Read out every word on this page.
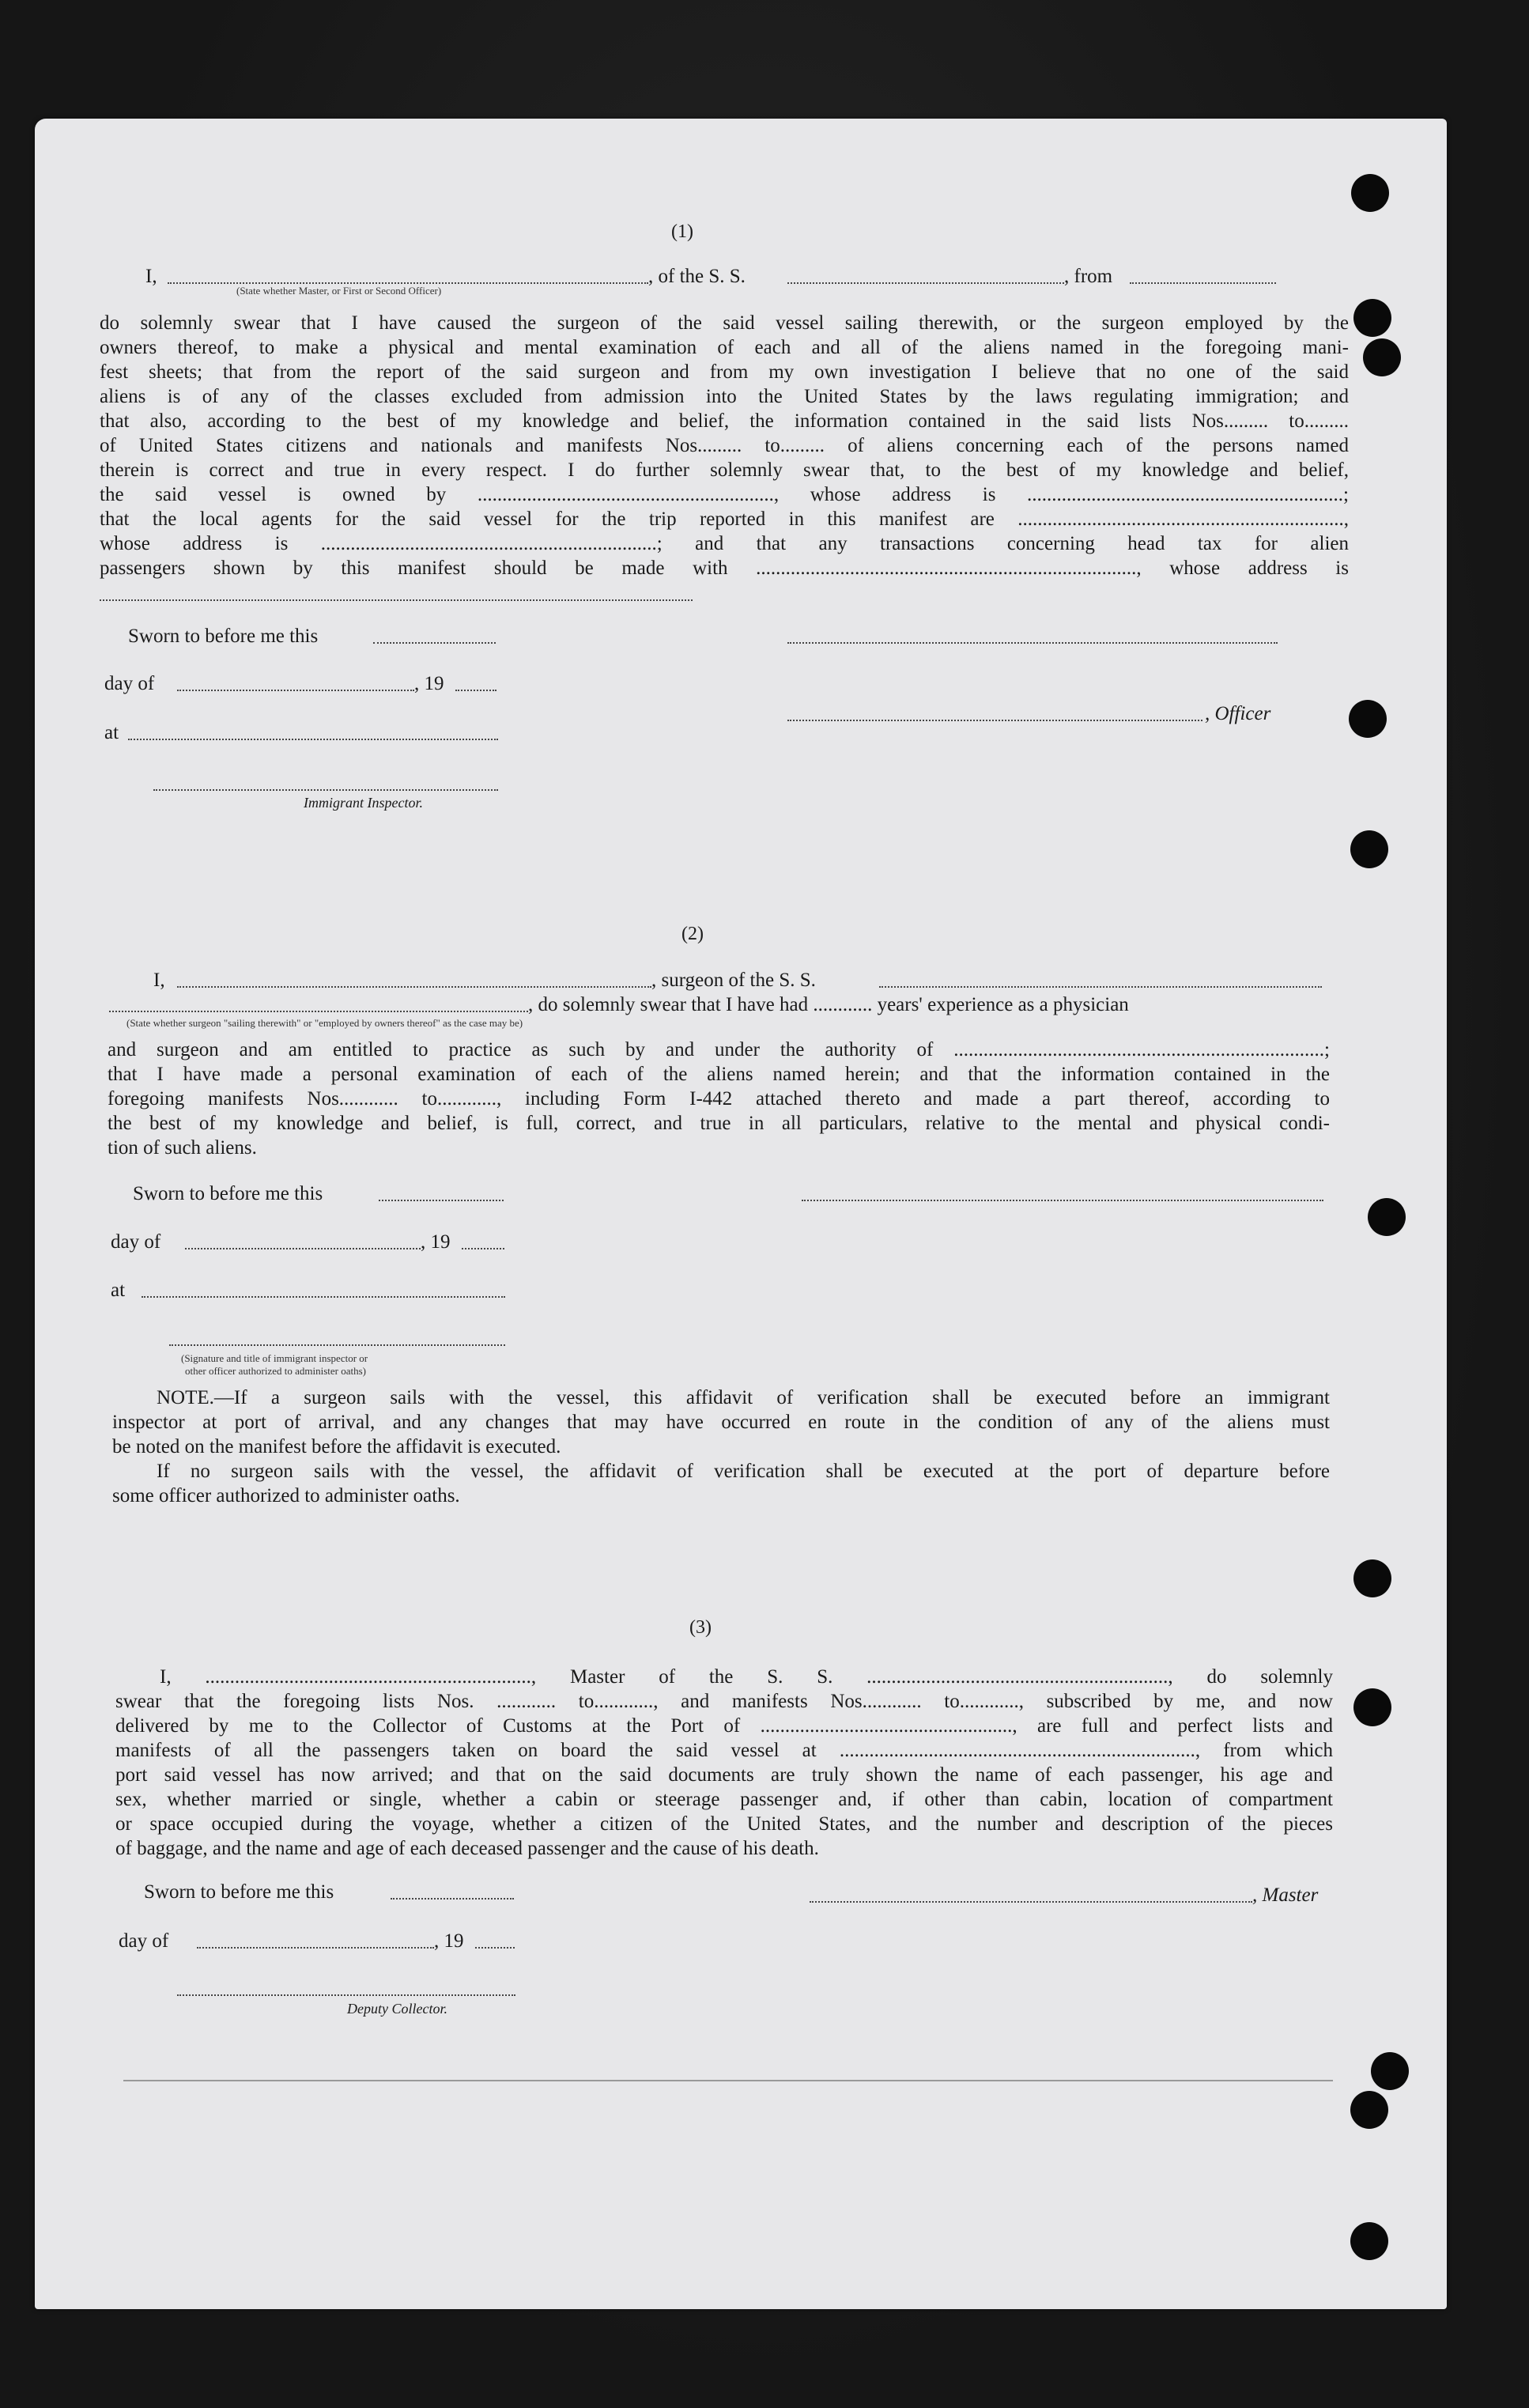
(1)
I,
(State whether Master, or First or Second Officer)
, of the S. S.	, from
do solemnly swear that I have caused the surgeon of the said vessel sailing therewith, or the surgeon employed by the
owners thereof, to make a physical and mental examination of each and all of the aliens named in the foregoing mani-
fest sheets; that from the report of the said surgeon and from my own investigation I believe that no one of the said
aliens is of any of the classes excluded from admission into the United States by the laws regulating immigration; and
that also, according to the best of my knowledge and belief, the information contained in the said lists Nos......... to.........
of United States citizens and nationals and manifests Nos......... to......... of aliens concerning each of the persons named
therein is correct and true in every respect. I do further solemnly swear that, to the best of my knowledge and belief,
the said vessel is owned by ............................................................, whose address is ................................................................;
that the local agents for the said vessel for the trip reported in this manifest are ..................................................................,
whose address is ....................................................................; and that any transactions concerning head tax for alien
passengers shown by this manifest should be made with ............................................................................., whose address is
Sworn to before me this
day of	, 19
, Officer
at
Immigrant Inspector.
(2)
I,	, surgeon of the S. S.
, do solemnly swear that I have had ............ years' experience as a physician
(State whether surgeon "sailing therewith" or "employed by owners thereof" as the case may be)
and surgeon and am entitled to practice as such by and under the authority of ...........................................................................;
that I have made a personal examination of each of the aliens named herein; and that the information contained in the
foregoing manifests Nos............ to............, including Form I-442 attached thereto and made a part thereof, according to
the best of my knowledge and belief, is full, correct, and true in all particulars, relative to the mental and physical condi-
tion of such aliens.
Sworn to before me this
day of	, 19
at
(Signature and title of immigrant inspector or
other officer authorized to administer oaths)
NOTE.—If a surgeon sails with the vessel, this affidavit of verification shall be executed before an immigrant
inspector at port of arrival, and any changes that may have occurred en route in the condition of any of the aliens must
be noted on the manifest before the affidavit is executed.
If no surgeon sails with the vessel, the affidavit of verification shall be executed at the port of departure before
some officer authorized to administer oaths.
(3)
I, .................................................................., Master of the S. S. ............................................................., do solemnly
swear that the foregoing lists Nos. ............ to............, and manifests Nos............ to............, subscribed by me, and now
delivered by me to the Collector of Customs at the Port of ..................................................., are full and perfect lists and
manifests of all the passengers taken on board the said vessel at ........................................................................, from which
port said vessel has now arrived; and that on the said documents are truly shown the name of each passenger, his age and
sex, whether married or single, whether a cabin or steerage passenger and, if other than cabin, location of compartment
or space occupied during the voyage, whether a citizen of the United States, and the number and description of the pieces
of baggage, and the name and age of each deceased passenger and the cause of his death.
Sworn to before me this	, Master
day of	, 19
Deputy Collector.
